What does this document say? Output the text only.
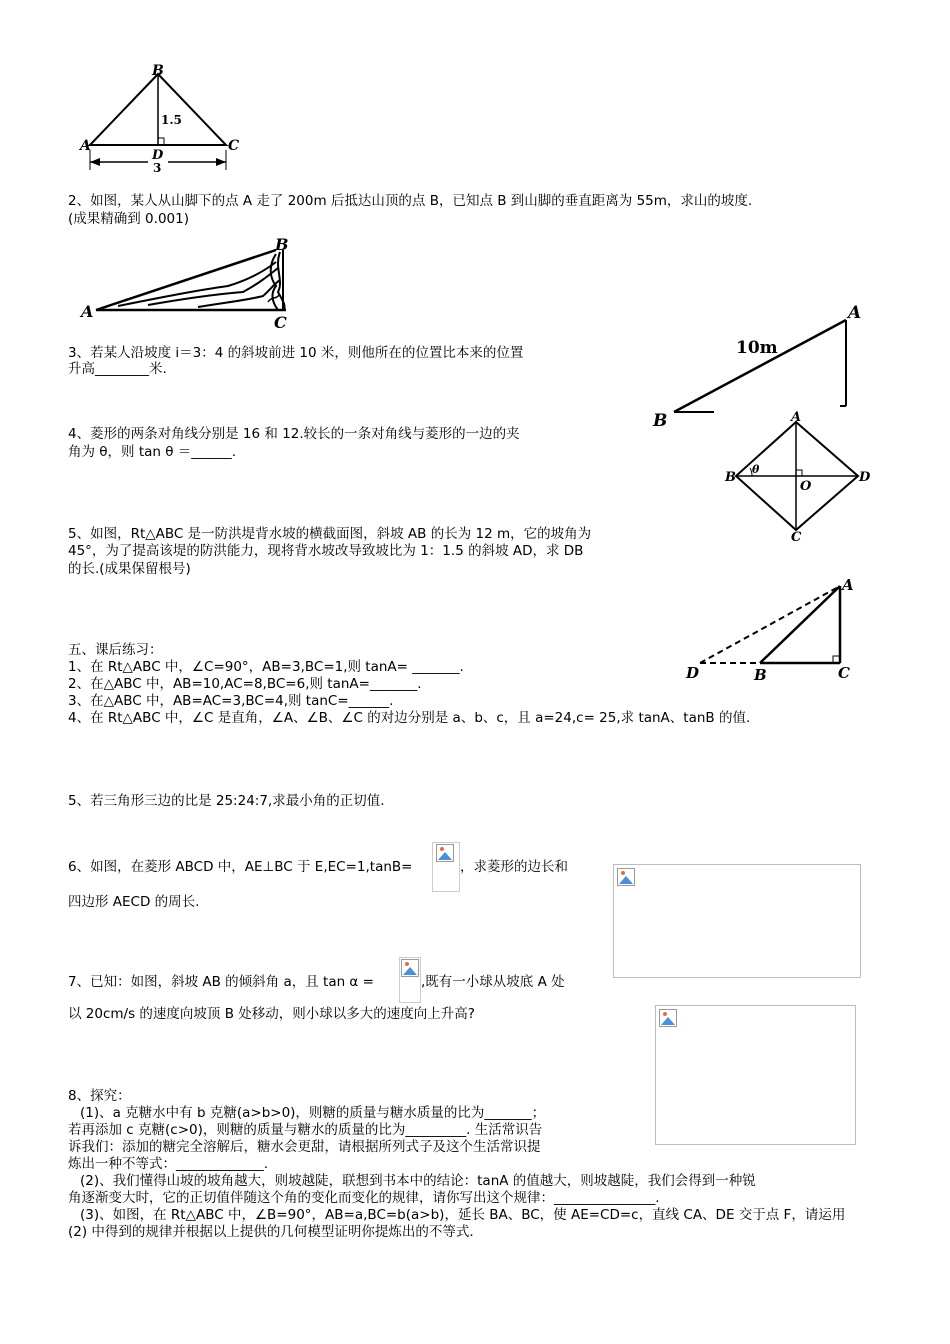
B
A	C
D
1.5
3
2、如图，某人从山脚下的点 A 走了 200m 后抵达山顶的点 B，已知点 B 到山脚的垂直距离为 55m，求山的坡度.
(成果精确到 0.001)
A
B
C
3、若某人沿坡度 i＝3：4 的斜坡前进 10 米，则他所在的位置比本来的位置
升高________米.
A
B
10m
4、菱形的两条对角线分别是 16 和 12.较长的一条对角线与菱形的一边的夹
角为 θ，则 tan θ ＝______.
A
B	D
C
O
θ
5、如图，Rt△ABC 是一防洪堤背水坡的横截面图，斜坡 AB 的长为 12 m，它的坡角为
45°，为了提高该堤的防洪能力，现将背水坡改导致坡比为 1：1.5 的斜坡 AD，求 DB
的长.(成果保留根号)
A
D	B	C
五、课后练习：
1、在 Rt△ABC 中，∠C=90°，AB=3,BC=1,则 tanA= _______.
2、在△ABC 中，AB=10,AC=8,BC=6,则 tanA=_______.
3、在△ABC 中，AB=AC=3,BC=4,则 tanC=______.
4、在 Rt△ABC 中，∠C 是直角，∠A、∠B、∠C 的对边分别是 a、b、c，且 a=24,c= 25,求 tanA、tanB 的值.
5、若三角形三边的比是 25:24:7,求最小角的正切值.
6、如图，在菱形 ABCD 中，AE⊥BC 于 E,EC=1,tanB=	，求菱形的边长和
四边形 AECD 的周长.
7、已知：如图，斜坡 AB 的倾斜角 a，且 tan α =	,既有一小球从坡底 A 处
以 20cm/s 的速度向坡顶 B 处移动，则小球以多大的速度向上升高?
8、探究：
(1)、a 克糖水中有 b 克糖(a>b>0)，则糖的质量与糖水质量的比为_______；
若再添加 c 克糖(c>0)，则糖的质量与糖水的质量的比为_________. 生活常识告
诉我们：添加的糖完全溶解后，糖水会更甜，请根据所列式子及这个生活常识提
炼出一种不等式：_____________.
(2)、我们懂得山坡的坡角越大，则坡越陡，联想到书本中的结论：tanA 的值越大，则坡越陡，我们会得到一种锐
角逐渐变大时，它的正切值伴随这个角的变化而变化的规律，请你写出这个规律：_______________.
(3)、如图，在 Rt△ABC 中，∠B=90°，AB=a,BC=b(a>b)，延长 BA、BC，使 AE=CD=c，直线 CA、DE 交于点 F，请运用
(2) 中得到的规律并根据以上提供的几何模型证明你提炼出的不等式.
